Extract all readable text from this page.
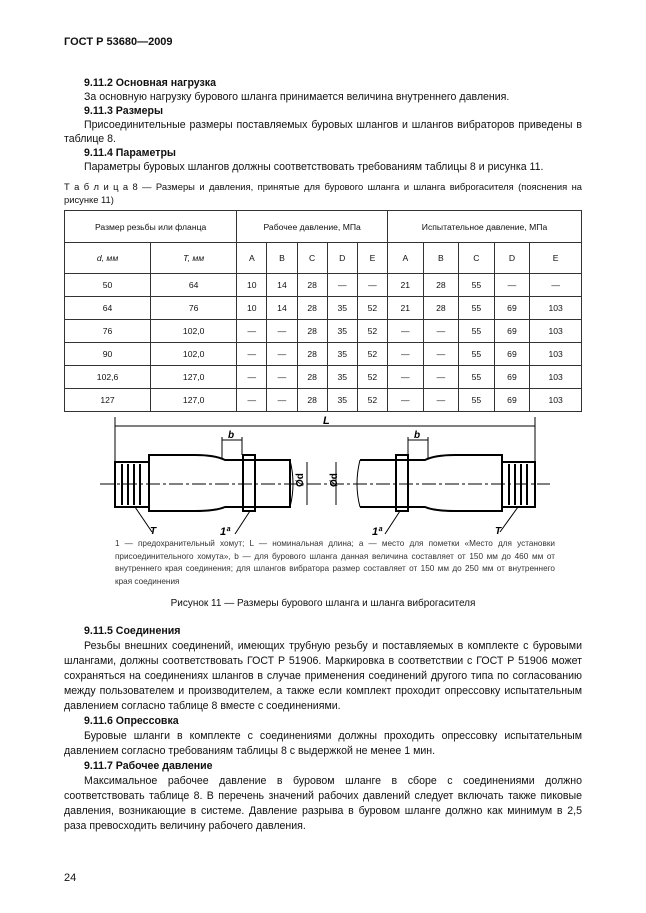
ГОСТ Р 53680—2009
9.11.2 Основная нагрузка
За основную нагрузку бурового шланга принимается величина внутреннего давления.
9.11.3 Размеры
Присоединительные размеры поставляемых буровых шлангов и шлангов вибраторов приведены в таблице 8.
9.11.4 Параметры
Параметры буровых шлангов должны соответствовать требованиям таблицы 8 и рисунка 11.
Т а б л и ц а 8 — Размеры и давления, принятые для бурового шланга и шланга виброгасителя (пояснения на рисунке 11)
Размер резьбы или фланца		Рабочее давление, МПа					Испытательное давление, МПа				
d, мм	T, мм	A	B	C	D	E	A	B	C	D	E
50	64	10	14	28	—	—	21	28	55	—	—
64	76	10	14	28	35	52	21	28	55	69	103
76	102,0	—	—	28	35	52	—	—	55	69	103
90	102,0	—	—	28	35	52	—	—	55	69	103
102,6	127,0	—	—	28	35	52	—	—	55	69	103
127	127,0	—	—	28	35	52	—	—	55	69	103
L
b
Ød Ød
b
T	1ª	1ª	T
1 — предохранительный хомут; L — номинальная длина; a — место для пометки «Место для установки присоединительного хомута», b — для бурового шланга данная величина составляет от 150 мм до 460 мм от внутреннего края соединения; для шлангов вибратора размер составляет от 150 мм до 250 мм от внутреннего края соединения
Рисунок 11 — Размеры бурового шланга и шланга виброгасителя
9.11.5 Соединения
Резьбы внешних соединений, имеющих трубную резьбу и поставляемых в комплекте с буровыми шлангами, должны соответствовать ГОСТ Р 51906. Маркировка в соответствии с ГОСТ Р 51906 может сохраняться на соединениях шлангов в случае применения соединений другого типа по согласованию между пользователем и производителем, а также если комплект проходит опрессовку испытательным давлением согласно таблице 8 вместе с соединениями.
9.11.6 Опрессовка
Буровые шланги в комплекте с соединениями должны проходить опрессовку испытательным давлением согласно требованиям таблицы 8 с выдержкой не менее 1 мин.
9.11.7 Рабочее давление
Максимальное рабочее давление в буровом шланге в сборе с соединениями должно соответствовать таблице 8. В перечень значений рабочих давлений следует включать также пиковые давления, возникающие в системе. Давление разрыва в буровом шланге должно как минимум в 2,5 раза превосходить величину рабочего давления.
24
